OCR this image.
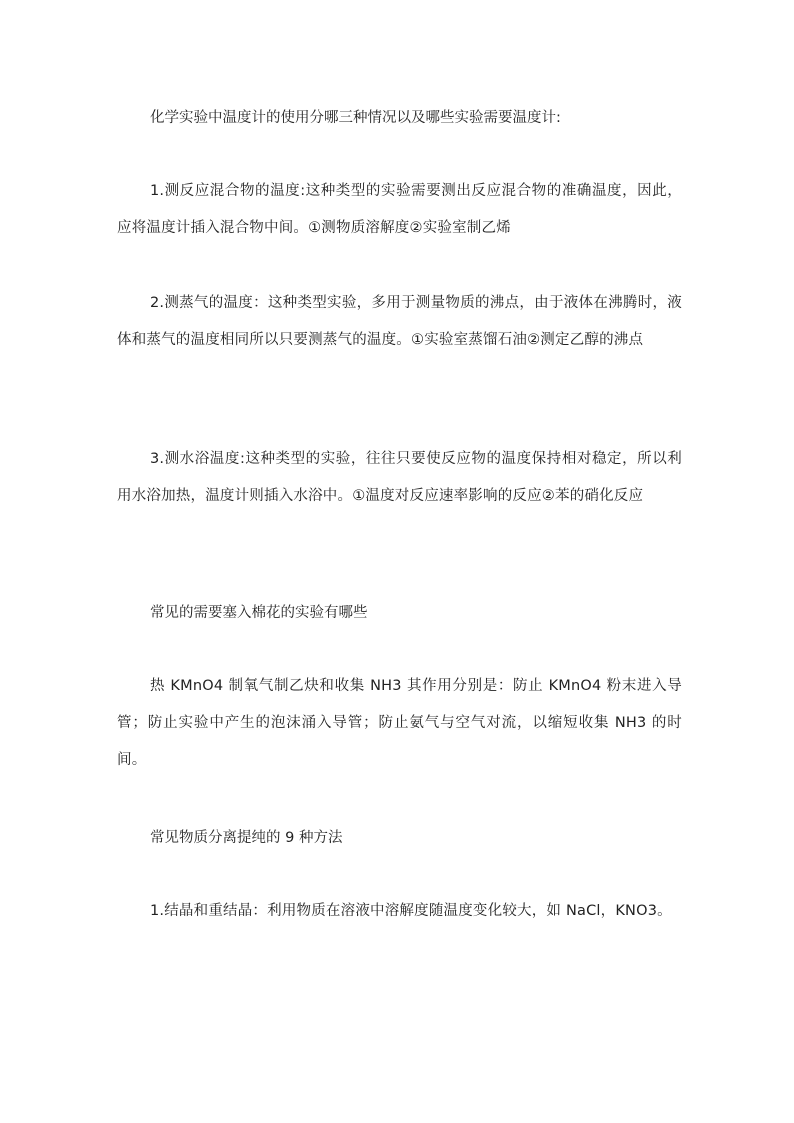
化学实验中温度计的使用分哪三种情况以及哪些实验需要温度计:

1.测反应混合物的温度:这种类型的实验需要测出反应混合物的准确温度，因此，应将温度计插入混合物中间。①测物质溶解度②实验室制乙烯

2.测蒸气的温度：这种类型实验，多用于测量物质的沸点，由于液体在沸腾时，液体和蒸气的温度相同所以只要测蒸气的温度。①实验室蒸馏石油②测定乙醇的沸点

3.测水浴温度:这种类型的实验，往往只要使反应物的温度保持相对稳定，所以利用水浴加热，温度计则插入水浴中。①温度对反应速率影响的反应②苯的硝化反应

常见的需要塞入棉花的实验有哪些

热 KMnO4 制氧气制乙炔和收集 NH3 其作用分别是：防止 KMnO4 粉末进入导管；防止实验中产生的泡沫涌入导管；防止氨气与空气对流，以缩短收集 NH3 的时间。

常见物质分离提纯的 9 种方法

1.结晶和重结晶：利用物质在溶液中溶解度随温度变化较大，如 NaCl，KNO3。
